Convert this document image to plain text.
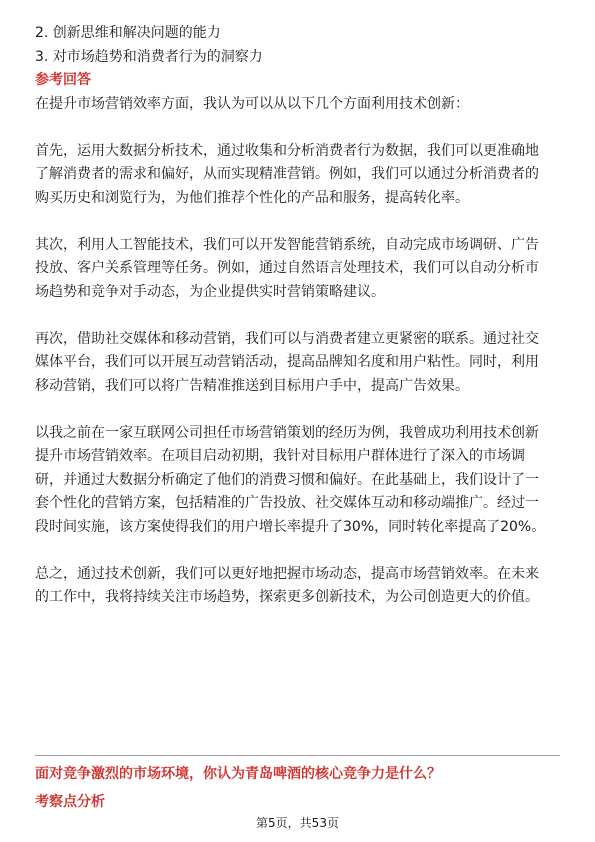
2. 创新思维和解决问题的能力
3. 对市场趋势和消费者行为的洞察力
参考回答
在提升市场营销效率方面，我认为可以从以下几个方面利用技术创新：
首先，运用大数据分析技术，通过收集和分析消费者行为数据，我们可以更准确地
了解消费者的需求和偏好，从而实现精准营销。例如，我们可以通过分析消费者的
购买历史和浏览行为，为他们推荐个性化的产品和服务，提高转化率。
其次，利用人工智能技术，我们可以开发智能营销系统，自动完成市场调研、广告
投放、客户关系管理等任务。例如，通过自然语言处理技术，我们可以自动分析市
场趋势和竞争对手动态，为企业提供实时营销策略建议。
再次，借助社交媒体和移动营销，我们可以与消费者建立更紧密的联系。通过社交
媒体平台，我们可以开展互动营销活动，提高品牌知名度和用户粘性。同时，利用
移动营销，我们可以将广告精准推送到目标用户手中，提高广告效果。
以我之前在一家互联网公司担任市场营销策划的经历为例，我曾成功利用技术创新
提升市场营销效率。在项目启动初期，我针对目标用户群体进行了深入的市场调
研，并通过大数据分析确定了他们的消费习惯和偏好。在此基础上，我们设计了一
套个性化的营销方案，包括精准的广告投放、社交媒体互动和移动端推广。经过一
段时间实施，该方案使得我们的用户增长率提升了30%，同时转化率提高了20%。
总之，通过技术创新，我们可以更好地把握市场动态，提高市场营销效率。在未来
的工作中，我将持续关注市场趋势，探索更多创新技术，为公司创造更大的价值。
面对竞争激烈的市场环境，你认为青岛啤酒的核心竞争力是什么？
考察点分析
第5页，共53页
